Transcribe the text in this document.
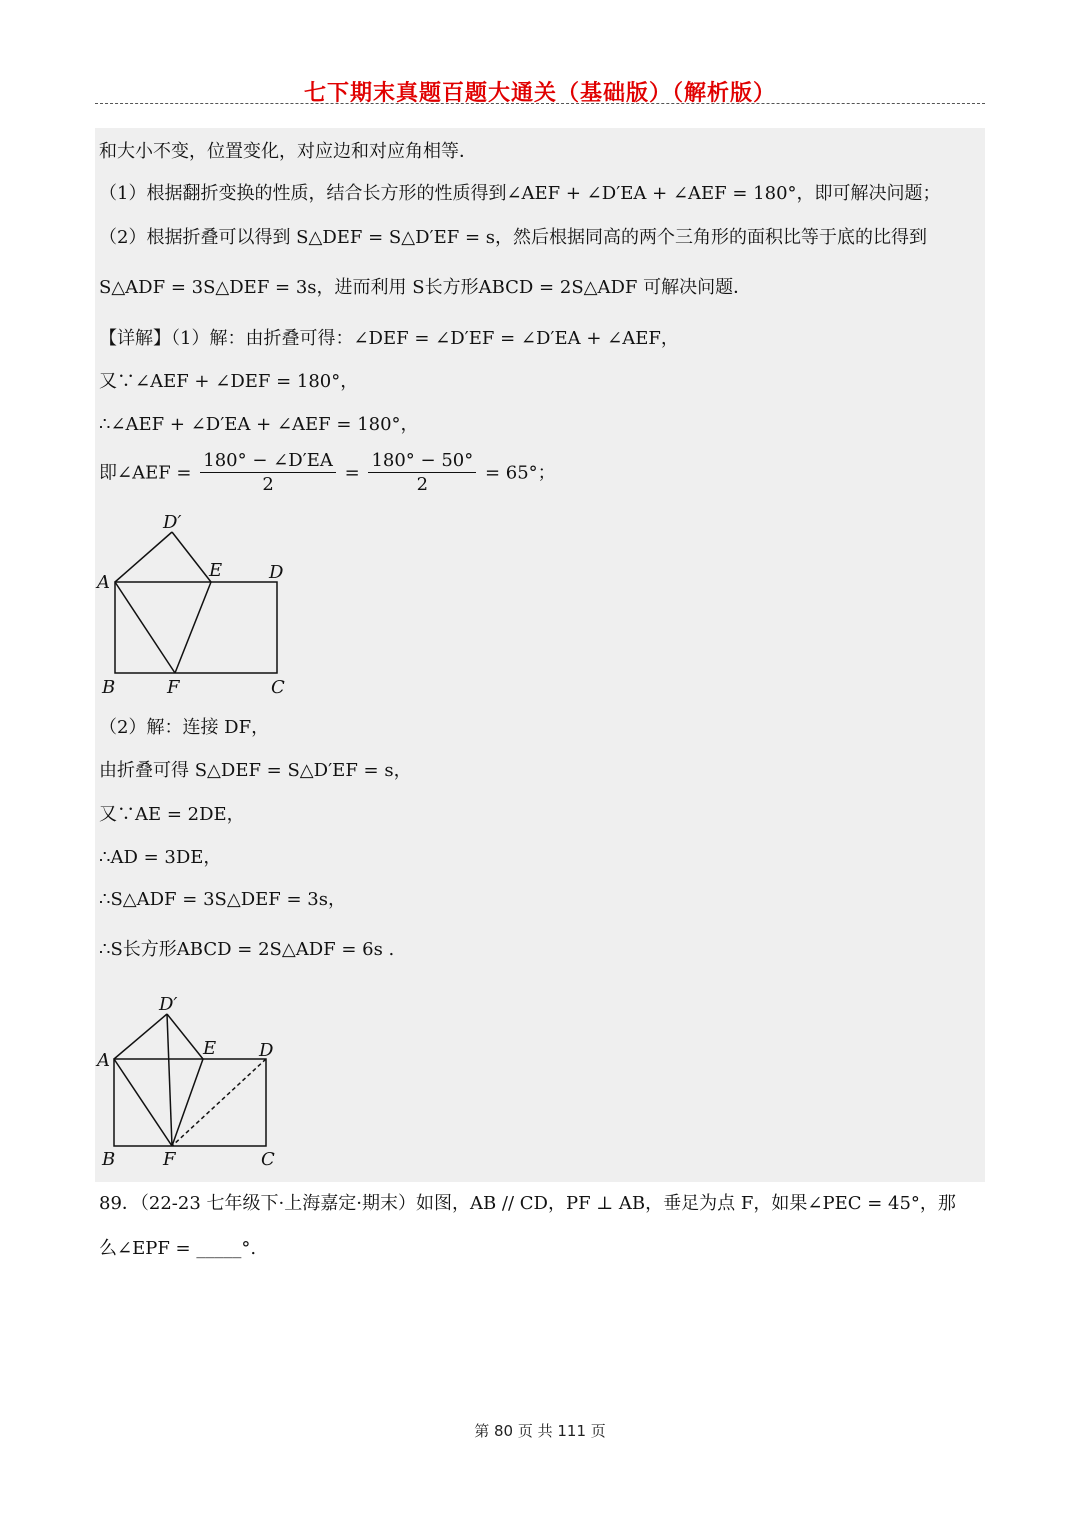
七下期末真题百题大通关（基础版）（解析版）
和大小不变，位置变化，对应边和对应角相等．
（1）根据翻折变换的性质，结合长方形的性质得到∠AEF + ∠D′EA + ∠AEF = 180°，即可解决问题；
（2）根据折叠可以得到 S△DEF = S△D′EF = s，然后根据同高的两个三角形的面积比等于底的比得到
S△ADF = 3S△DEF = 3s，进而利用 S长方形ABCD = 2S△ADF 可解决问题．
【详解】（1）解：由折叠可得：∠DEF = ∠D′EF = ∠D′EA + ∠AEF，
又∵∠AEF + ∠DEF = 180°，
∴∠AEF + ∠D′EA + ∠AEF = 180°，
即∠AEF = $\frac{180^\circ - \angle D'EA}{2} = \frac{180^\circ - 50^\circ}{2} = 65^\circ$；
D′
A
E	D
B	F	C
（2）解：连接 DF，
由折叠可得 S△DEF = S△D′EF = s，
又∵AE = 2DE，
∴AD = 3DE，
∴S△ADF = 3S△DEF = 3s，
∴S长方形ABCD = 2S△ADF = 6s .
D′
A
E D
B	F	C
89．（22-23 七年级下·上海嘉定·期末）如图，AB // CD，PF ⊥ AB，垂足为点 F，如果∠PEC = 45°，那
么∠EPF = _____°.
第 80 页 共 111 页
